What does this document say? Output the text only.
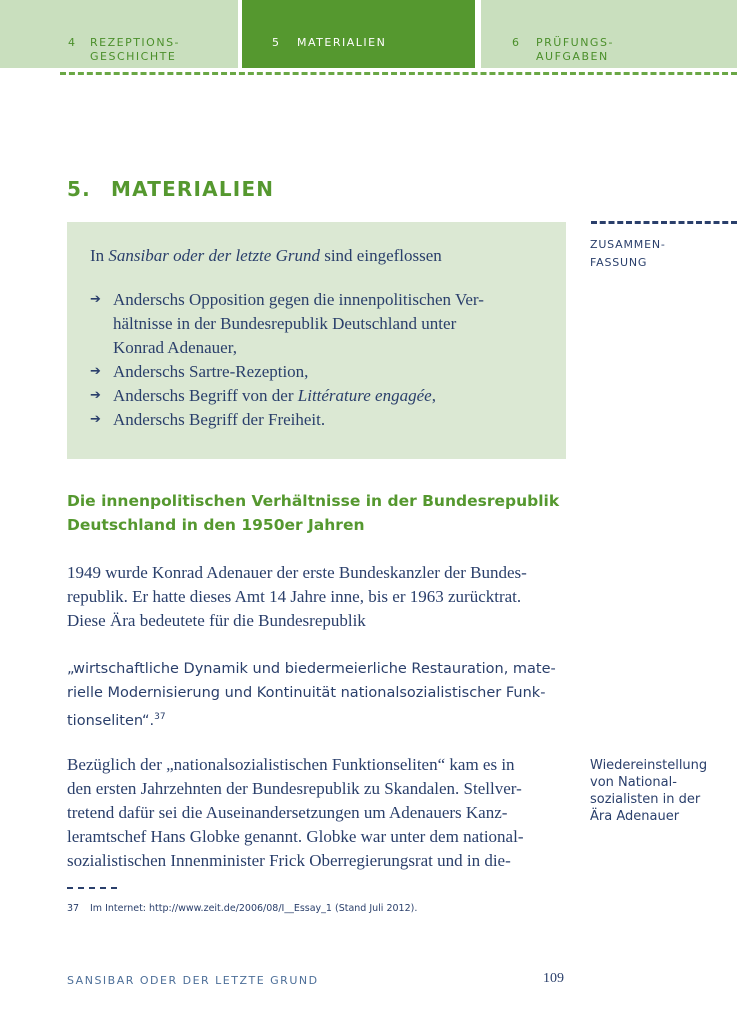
4 REZEPTIONS-
GESCHICHTE
5 MATERIALIEN	6 PRÜFUNGS-
AUFGABEN
5. MATERIALIEN
ZUSAMMEN-
FASSUNG

In Sansibar oder der letzte Grund sind eingeflossen

➔ Anderschs Opposition gegen die innenpolitischen Ver-
hältnisse in der Bundesrepublik Deutschland unter
Konrad Adenauer,
➔ Anderschs Sartre-Rezeption,
➔ Anderschs Begriff von der Littérature engagée,
➔ Anderschs Begriff der Freiheit.
Die innenpolitischen Verhältnisse in der Bundesrepublik
Deutschland in den 1950er Jahren
1949 wurde Konrad Adenauer der erste Bundeskanzler der Bundes-
republik. Er hatte dieses Amt 14 Jahre inne, bis er 1963 zurücktrat.
Diese Ära bedeutete für die Bundesrepublik
„wirtschaftliche Dynamik und biedermeierliche Restauration, mate-
rielle Modernisierung und Kontinuität nationalsozialistischer Funk-
tionseliten“.$^{37}$
Bezüglich der „nationalsozialistischen Funktionseliten“ kam es in
den ersten Jahrzehnten der Bundesrepublik zu Skandalen. Stellver-
tretend dafür sei die Auseinandersetzungen um Adenauers Kanz-
leramtschef Hans Globke genannt. Globke war unter dem national-
sozialistischen Innenminister Frick Oberregierungsrat und in die-
Wiedereinstellung
von National-
sozialisten in der
Ära Adenauer
37 Im Internet: http://www.zeit.de/2006/08/I__Essay_1 (Stand Juli 2012).
SANSIBAR ODER DER LETZTE GRUND	109
